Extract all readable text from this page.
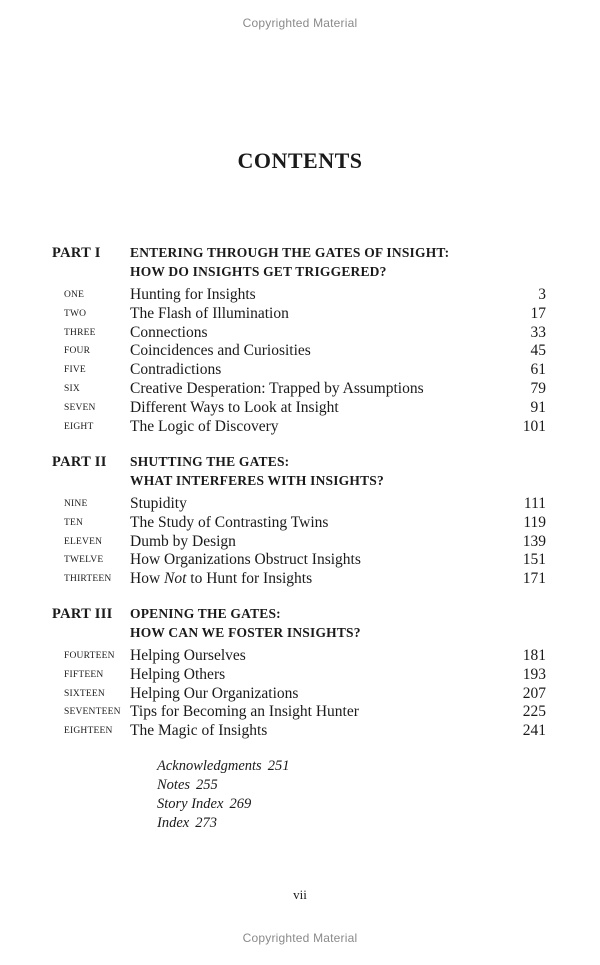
Copyrighted Material
CONTENTS
PART I ENTERING THROUGH THE GATES OF INSIGHT:
HOW DO INSIGHTS GET TRIGGERED?
ONE	Hunting for Insights	3
TWO	The Flash of Illumination	17
THREE Connections	33
FOUR	Coincidences and Curiosities	45
FIVE	Contradictions	61
SIX	Creative Desperation: Trapped by Assumptions	79
SEVEN Different Ways to Look at Insight	91
EIGHT The Logic of Discovery	101
PART II SHUTTING THE GATES:
WHAT INTERFERES WITH INSIGHTS?
NINE	Stupidity	111
TEN	The Study of Contrasting Twins	119
ELEVEN Dumb by Design	139
TWELVE How Organizations Obstruct Insights	151
THIRTEEN How Not to Hunt for Insights	171
PART III OPENING THE GATES:
HOW CAN WE FOSTER INSIGHTS?
FOURTEEN Helping Ourselves	181
FIFTEEN Helping Others	193
SIXTEEN Helping Our Organizations	207
SEVENTEEN Tips for Becoming an Insight Hunter	225
EIGHTEEN The Magic of Insights	241
Acknowledgments 251
Notes 255
Story Index 269
Index 273
vii
Copyrighted Material
